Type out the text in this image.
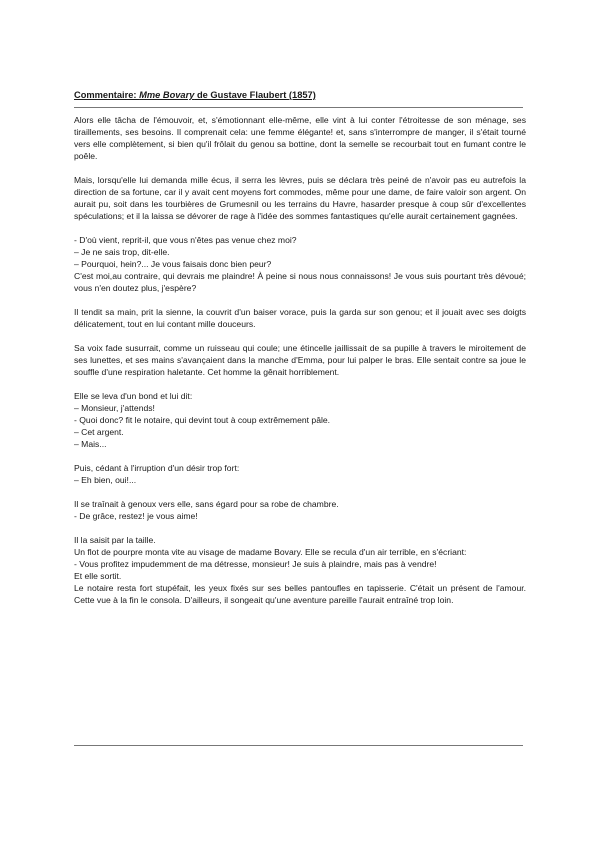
Commentaire: Mme Bovary de Gustave Flaubert (1857)

Alors elle tâcha de l'émouvoir, et, s'émotionnant elle-même, elle vint à lui conter l'étroitesse de son ménage, ses tiraillements, ses besoins. Il comprenait cela: une femme élégante! et, sans s'interrompre de manger, il s'était tourné vers elle complètement, si bien qu'il frôlait du genou sa bottine, dont la semelle se recourbait tout en fumant contre le poêle.

Mais, lorsqu'elle lui demanda mille écus, il serra les lèvres, puis se déclara très peiné de n'avoir pas eu autrefois la direction de sa fortune, car il y avait cent moyens fort commodes, même pour une dame, de faire valoir son argent. On aurait pu, soit dans les tourbières de Grumesnil ou les terrains du Havre, hasarder presque à coup sûr d'excellentes spéculations; et il la laissa se dévorer de rage à l'idée des sommes fantastiques qu'elle aurait certainement gagnées.

- D'où vient, reprit-il, que vous n'êtes pas venue chez moi?
– Je ne sais trop, dit-elle.
– Pourquoi, hein?... Je vous faisais donc bien peur?
C'est moi,au contraire, qui devrais me plaindre! À peine si nous nous connaissons! Je vous suis pourtant très dévoué; vous n'en doutez plus, j'espère?

Il tendit sa main, prit la sienne, la couvrit d'un baiser vorace, puis la garda sur son genou; et il jouait avec ses doigts délicatement, tout en lui contant mille douceurs.

Sa voix fade susurrait, comme un ruisseau qui coule; une étincelle jaillissait de sa pupille à travers le miroitement de ses lunettes, et ses mains s'avançaient dans la manche d'Emma, pour lui palper le bras. Elle sentait contre sa joue le souffle d'une respiration haletante. Cet homme la gênait horriblement.

Elle se leva d'un bond et lui dit:
– Monsieur, j'attends!
- Quoi donc? fit le notaire, qui devint tout à coup extrêmement pâle.
– Cet argent.
– Mais...

Puis, cédant à l'irruption d'un désir trop fort:
– Eh bien, oui!...

Il se traînait à genoux vers elle, sans égard pour sa robe de chambre.
- De grâce, restez! je vous aime!

Il la saisit par la taille.
Un flot de pourpre monta vite au visage de madame Bovary. Elle se recula d'un air terrible, en s'écriant:
- Vous profitez impudemment de ma détresse, monsieur! Je suis à plaindre, mais pas à vendre!
Et elle sortit.
Le notaire resta fort stupéfait, les yeux fixés sur ses belles pantoufles en tapisserie. C'était un présent de l'amour. Cette vue à la fin le consola. D'ailleurs, il songeait qu'une aventure pareille l'aurait entraîné trop loin.
